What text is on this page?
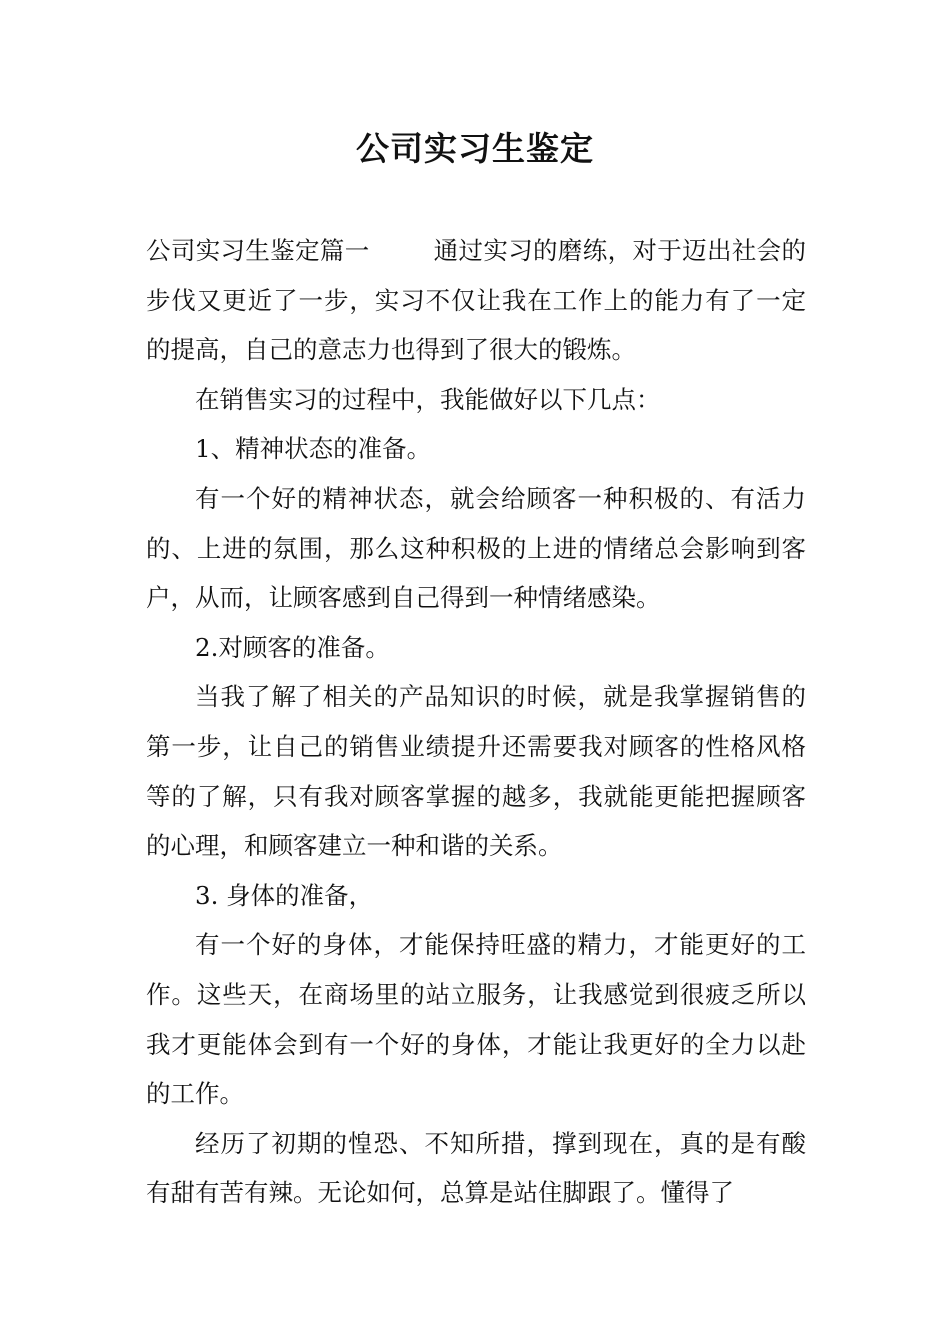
公司实习生鉴定

公司实习生鉴定篇一	通过实习的磨练，对于迈出社会的步伐又更近了一步，实习不仅让我在工作上的能力有了一定的提高，自己的意志力也得到了很大的锻炼。

在销售实习的过程中，我能做好以下几点：

1、精神状态的准备。

有一个好的精神状态，就会给顾客一种积极的、有活力的、上进的氛围，那么这种积极的上进的情绪总会影响到客户，从而，让顾客感到自己得到一种情绪感染。

2.对顾客的准备。

当我了解了相关的产品知识的时候，就是我掌握销售的第一步，让自己的销售业绩提升还需要我对顾客的性格风格等的了解，只有我对顾客掌握的越多，我就能更能把握顾客的心理，和顾客建立一种和谐的关系。

3. 身体的准备，

有一个好的身体，才能保持旺盛的精力，才能更好的工作。这些天，在商场里的站立服务，让我感觉到很疲乏所以我才更能体会到有一个好的身体，才能让我更好的全力以赴的工作。

经历了初期的惶恐、不知所措，撑到现在，真的是有酸有甜有苦有辣。无论如何，总算是站住脚跟了。懂得了
